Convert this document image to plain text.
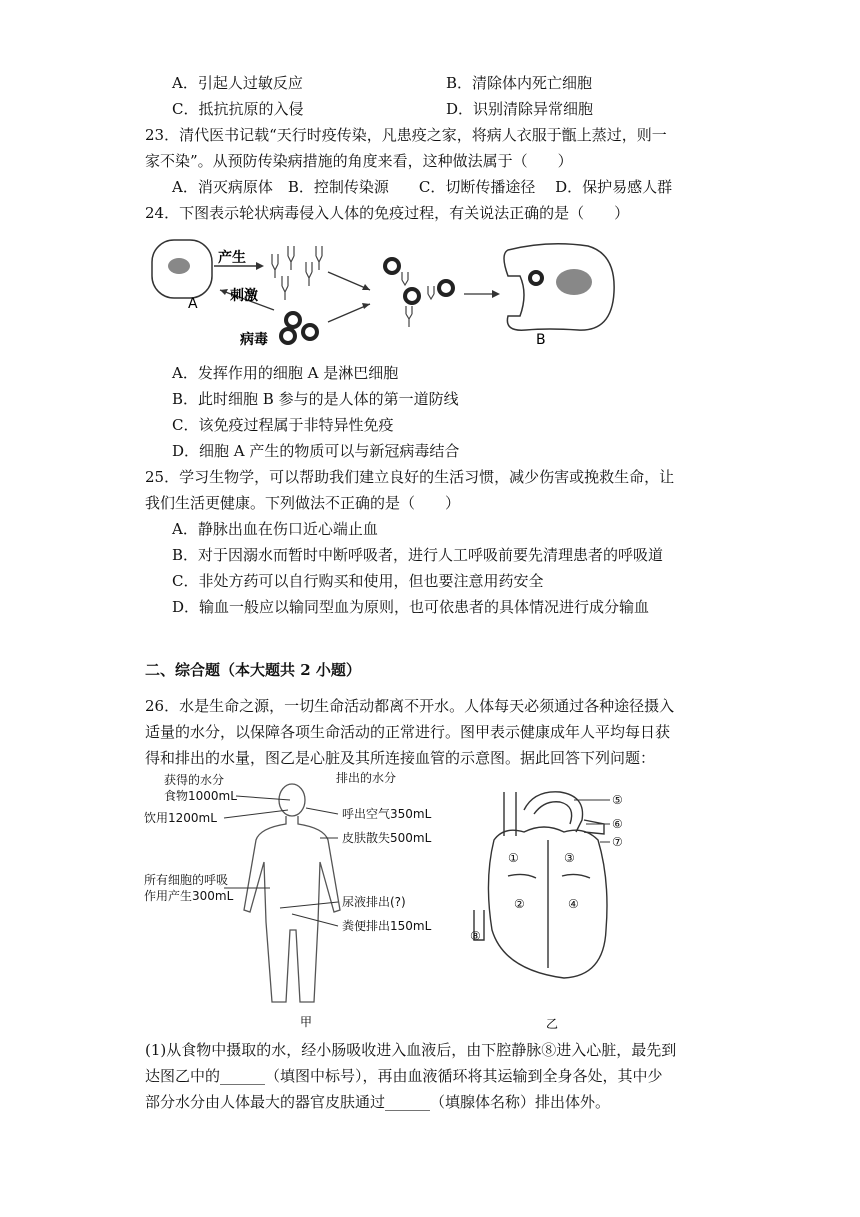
A．引起人过敏反应	B．清除体内死亡细胞
C．抵抗抗原的入侵	D．识别清除异常细胞
23．清代医书记载“天行时疫传染，凡患疫之家，将病人衣服于甑上蒸过，则一
家不染”。从预防传染病措施的角度来看，这种做法属于（　　）
A．消灭病原体　B．控制传染源　　C．切断传播途径　 D．保护易感人群
24．下图表示轮状病毒侵入人体的免疫过程，有关说法正确的是（　　）
A
产生
刺激
病毒	B
A．发挥作用的细胞 A 是淋巴细胞
B．此时细胞 B 参与的是人体的第一道防线
C．该免疫过程属于非特异性免疫
D．细胞 A 产生的物质可以与新冠病毒结合
25．学习生物学，可以帮助我们建立良好的生活习惯，减少伤害或挽救生命，让
我们生活更健康。下列做法不正确的是（　　）
A．静脉出血在伤口近心端止血
B．对于因溺水而暂时中断呼吸者，进行人工呼吸前要先清理患者的呼吸道
C．非处方药可以自行购买和使用，但也要注意用药安全
D．输血一般应以输同型血为原则，也可依患者的具体情况进行成分输血
二、综合题（本大题共 2 小题）
26．水是生命之源，一切生命活动都离不开水。人体每天必须通过各种途径摄入
适量的水分，以保障各项生命活动的正常进行。图甲表示健康成年人平均每日获
得和排出的水量，图乙是心脏及其所连接血管的示意图。据此回答下列问题：
获得的水分	排出的水分
食物1000mL
饮用1200mL	呼出空气350mL
皮肤散失500mL
所有细胞的呼吸
作用产生300mL	尿液排出(?)
粪便排出150mL
甲
①
②
③
④
⑤
⑥
⑦
⑧
乙
(1)从食物中摄取的水，经小肠吸收进入血液后，由下腔静脉⑧进入心脏，最先到
达图乙中的______（填图中标号），再由血液循环将其运输到全身各处，其中少
部分水分由人体最大的器官皮肤通过______（填腺体名称）排出体外。
